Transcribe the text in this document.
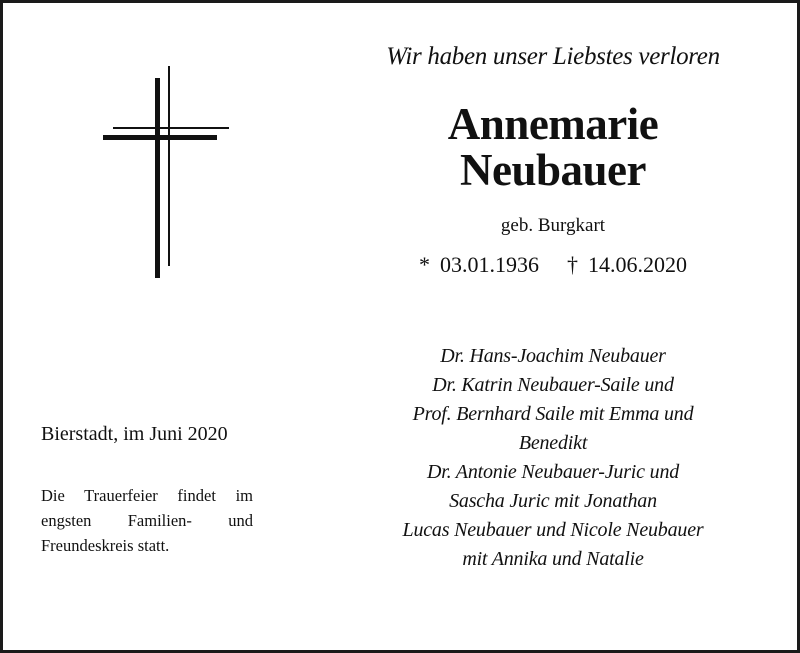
Wir haben unser Liebstes verloren
Annemarie
Neubauer
geb. Burgkart
* 03.01.1936 † 14.06.2020
Dr. Hans-Joachim Neubauer
Dr. Katrin Neubauer-Saile und
Prof. Bernhard Saile mit Emma und
Benedikt
Dr. Antonie Neubauer-Juric und
Sascha Juric mit Jonathan
Lucas Neubauer und Nicole Neubauer
mit Annika und Natalie
Bierstadt, im Juni 2020
Die Trauerfeier findet im engsten Familien- und Freundeskreis statt.
